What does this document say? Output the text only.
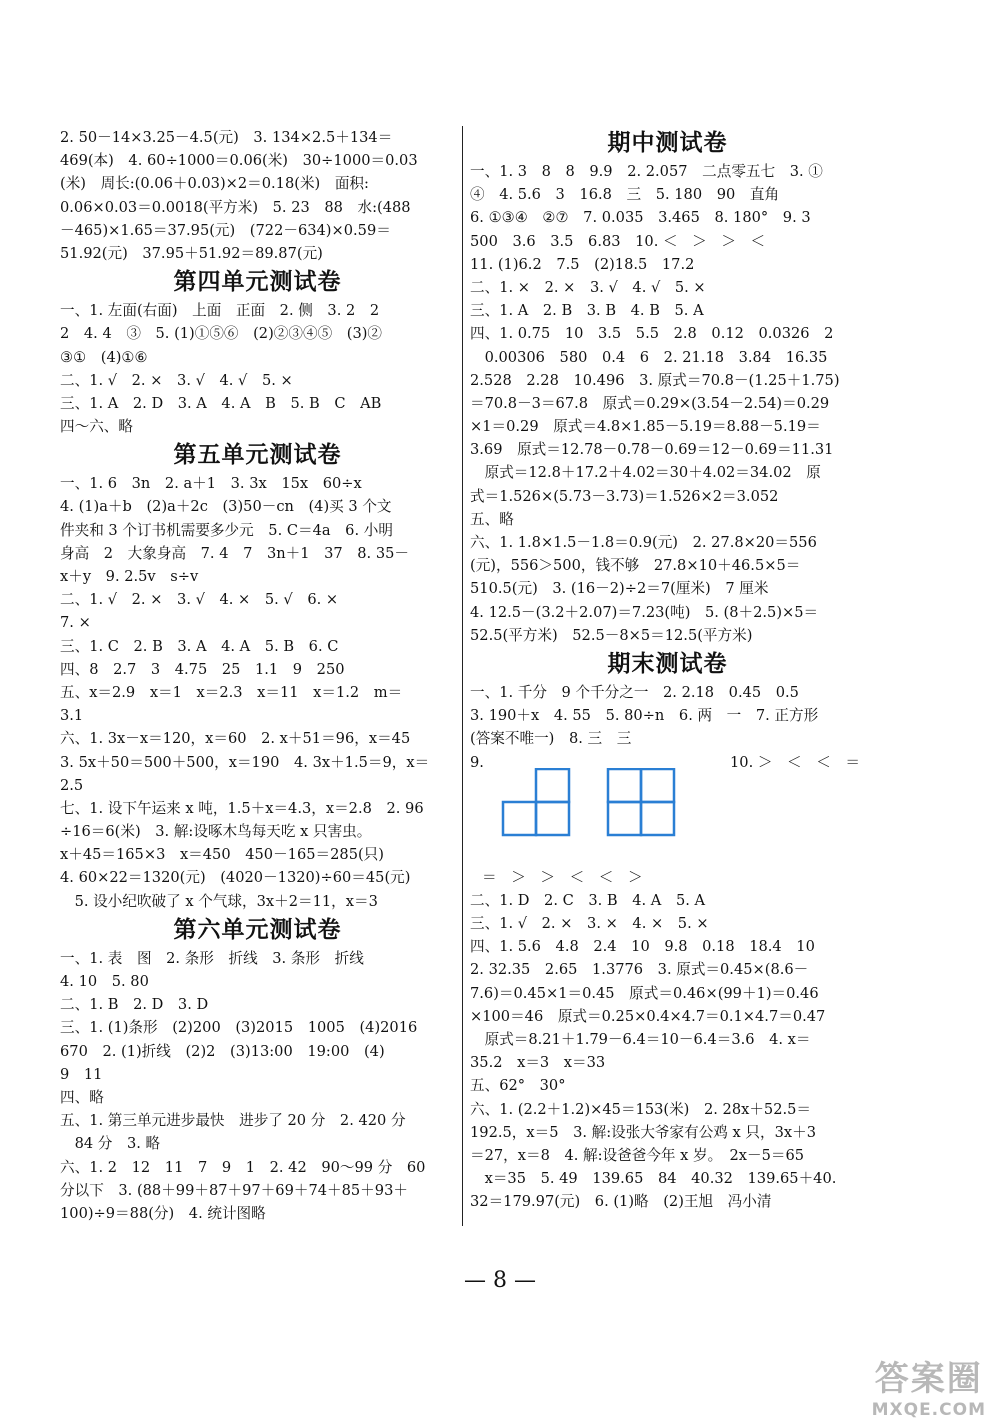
2. 50－14×3.25－4.5(元)　3. 134×2.5＋134＝
469(本)　4. 60÷1000＝0.06(米)　30÷1000＝0.03
(米)　周长:(0.06＋0.03)×2＝0.18(米)　面积:
0.06×0.03＝0.0018(平方米)　5. 23　88　水:(488
－465)×1.65＝37.95(元)　(722－634)×0.59＝
51.92(元)　37.95＋51.92＝89.87(元)
第四单元测试卷
一、1. 左面(右面)　上面　正面　2. 侧　3. 2　2
2　4. 4　③　5. (1)①⑤⑥　(2)②③④⑤　(3)②
③①　(4)①⑥
二、1. √　2. ×　3. √　4. √　5. ×
三、1. A　2. D　3. A　4. A　B　5. B　C　AB
四～六、略
第五单元测试卷
一、1. 6　3n　2. a＋1　3. 3x　15x　60÷x
4. (1)a＋b　(2)a＋2c　(3)50－cn　(4)买 3 个文
件夹和 3 个订书机需要多少元　5. C＝4a　6. 小明
身高　2　大象身高　7. 4　7　3n＋1　37　8. 35－
x＋y　9. 2.5v　s÷v
二、1. √　2. ×　3. √　4. ×　5. √　6. ×
7. ×
三、1. C　2. B　3. A　4. A　5. B　6. C
四、8　2.7　3　4.75　25　1.1　9　250
五、x＝2.9　x＝1　x＝2.3　x＝11　x＝1.2　m＝
3.1
六、1. 3x－x＝120，x＝60　2. x＋51＝96，x＝45
3. 5x＋50＝500＋500，x＝190　4. 3x＋1.5＝9，x＝
2.5
七、1. 设下午运来 x 吨，1.5＋x＝4.3，x＝2.8　2. 96
÷16＝6(米)　3. 解:设啄木鸟每天吃 x 只害虫。
x＋45＝165×3　x＝450　450－165＝285(只)
4. 60×22＝1320(元)　(4020－1320)÷60＝45(元)
　5. 设小纪吹破了 x 个气球，3x＋2＝11，x＝3
第六单元测试卷
一、1. 表　图　2. 条形　折线　3. 条形　折线
4. 10　5. 80
二、1. B　2. D　3. D
三、1. (1)条形　(2)200　(3)2015　1005　(4)2016
670　2. (1)折线　(2)2　(3)13:00　19:00　(4)
9　11
四、略
五、1. 第三单元进步最快　进步了 20 分　2. 420 分
　84 分　3. 略
六、1. 2　12　11　7　9　1　2. 42　90～99 分　60
分以下　3. (88＋99＋87＋97＋69＋74＋85＋93＋
100)÷9＝88(分)　4. 统计图略
期中测试卷
一、1. 3　8　8　9.9　2. 2.057　二点零五七　3. ①
④　4. 5.6　3　16.8　三　5. 180　90　直角
6. ①③④　②⑦　7. 0.035　3.465　8. 180°　9. 3
500　3.6　3.5　6.83　10. ＜　＞　＞　＜
11. (1)6.2　7.5　(2)18.5　17.2
二、1. ×　2. ×　3. √　4. √　5. ×
三、1. A　2. B　3. B　4. B　5. A
四、1. 0.75　10　3.5　5.5　2.8　0.12　0.0326　2
　0.00306　580　0.4　6　2. 21.18　3.84　16.35
2.528　2.28　10.496　3. 原式＝70.8－(1.25＋1.75)
＝70.8－3＝67.8　原式＝0.29×(3.54－2.54)＝0.29
×1＝0.29　原式＝4.8×1.85－5.19＝8.88－5.19＝
3.69　原式＝12.78－0.78－0.69＝12－0.69＝11.31
　原式＝12.8＋17.2＋4.02＝30＋4.02＝34.02　原
式＝1.526×(5.73－3.73)＝1.526×2＝3.052
五、略
六、1. 1.8×1.5－1.8＝0.9(元)　2. 27.8×20＝556
(元)，556＞500，钱不够　27.8×10＋46.5×5＝
510.5(元)　3. (16－2)÷2＝7(厘米)　7 厘米
4. 12.5－(3.2＋2.07)＝7.23(吨)　5. (8＋2.5)×5＝
52.5(平方米)　52.5－8×5＝12.5(平方米)
期末测试卷
一、1. 千分　9 个千分之一　2. 2.18　0.45　0.5
3. 190＋x　4. 55　5. 80÷n　6. 两　一　7. 正方形
(答案不唯一)　8. 三　三
9.	10. ＞　＜　＜　＝
＝　＞　＞　＜　＜　＞
二、1. D　2. C　3. B　4. A　5. A
三、1. √　2. ×　3. ×　4. ×　5. ×
四、1. 5.6　4.8　2.4　10　9.8　0.18　18.4　10
2. 32.35　2.65　1.3776　3. 原式＝0.45×(8.6－
7.6)＝0.45×1＝0.45　原式＝0.46×(99＋1)＝0.46
×100＝46　原式＝0.25×0.4×4.7＝0.1×4.7＝0.47
　原式＝8.21＋1.79－6.4＝10－6.4＝3.6　4. x＝
35.2　x＝3　x＝33
五、62°　30°
六、1. (2.2＋1.2)×45＝153(米)　2. 28x＋52.5＝
192.5，x＝5　3. 解:设张大爷家有公鸡 x 只，3x＋3
＝27，x＝8　4. 解:设爸爸今年 x 岁。　2x－5＝65
　x＝35　5. 49　139.65　84　40.32　139.65＋40.
32＝179.97(元)　6. (1)略　(2)王旭　冯小清
— 8 —
答案圈
MXQE.COM
